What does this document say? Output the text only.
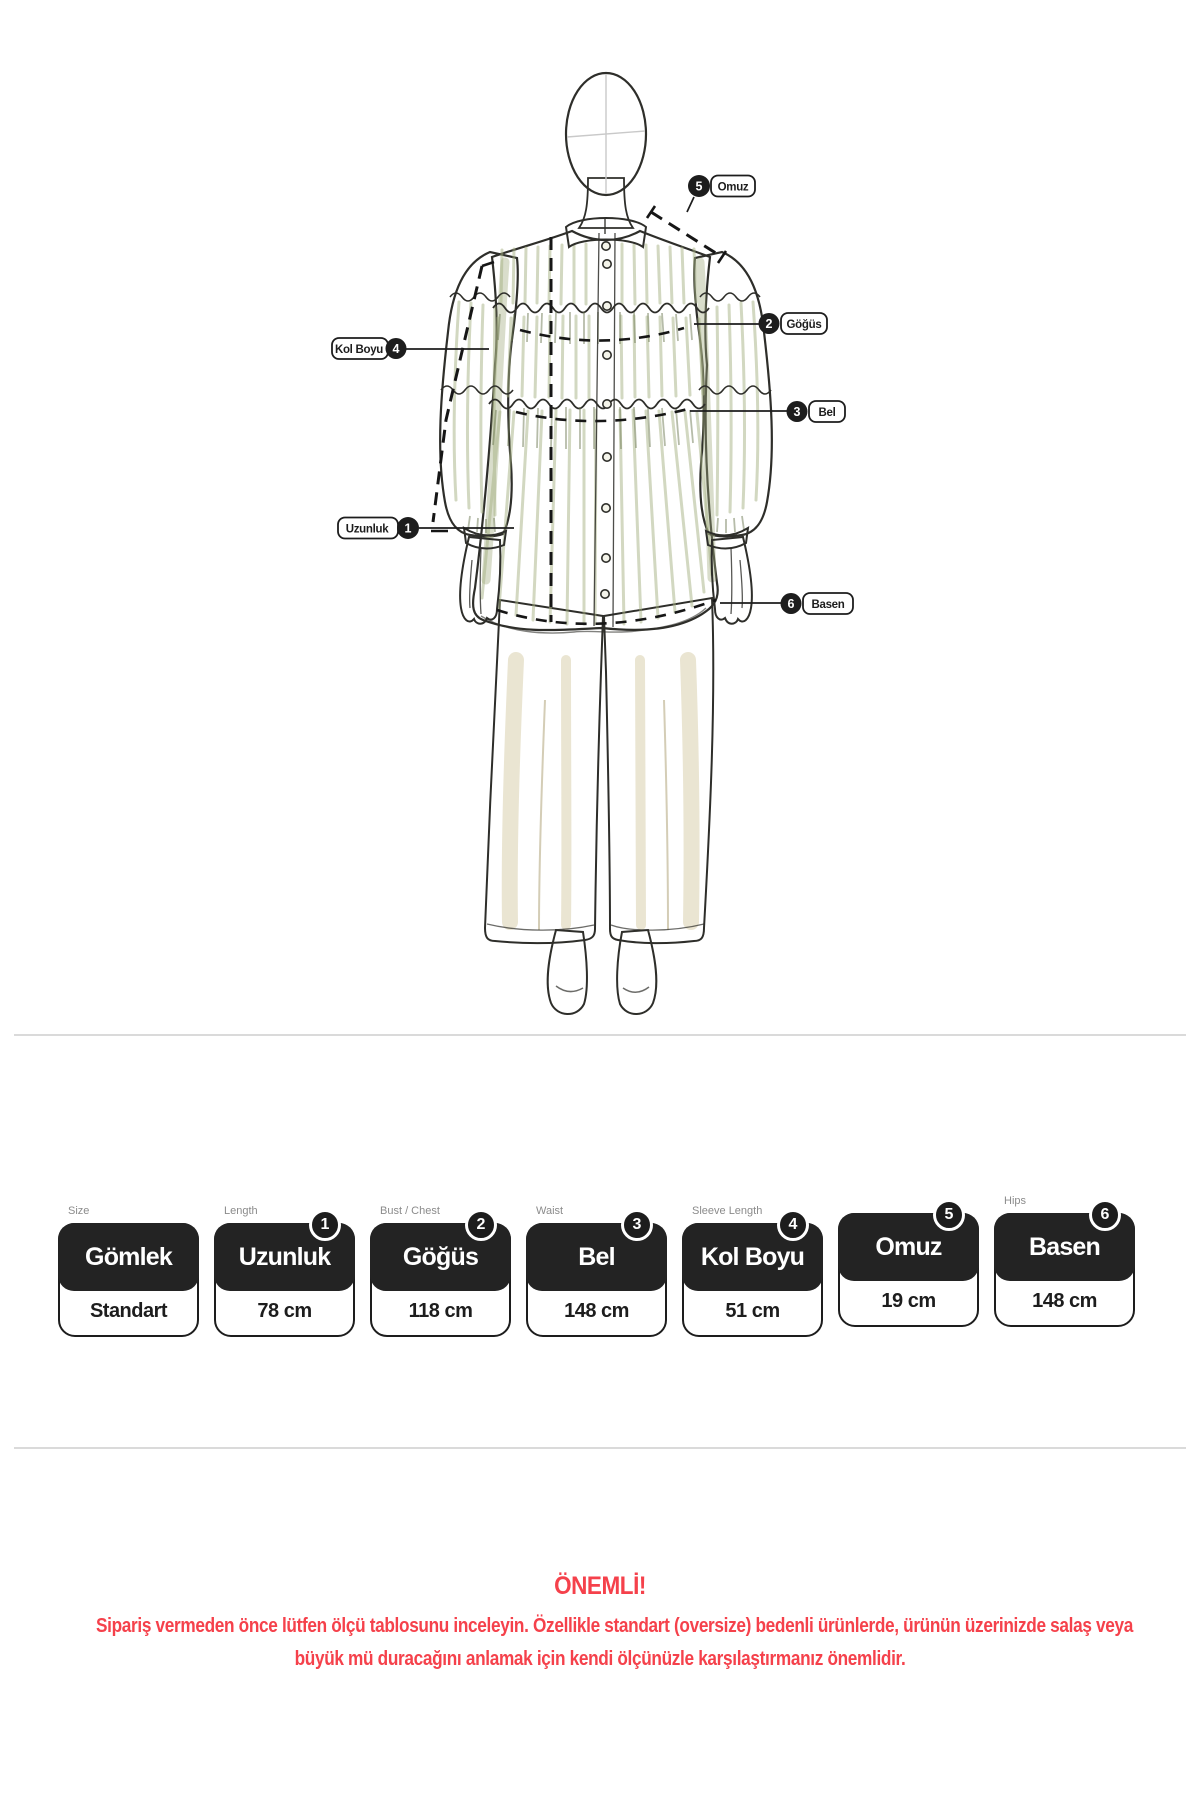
Uzunluk 1
Göğüs
2
Bel
3
Kol Boyu 4
Omuz
5
Basen
6
Size
Standart
Gömlek
Length
78 cm
Uzunluk
1
Bust / Chest
118 cm
Göğüs
2
Waist
148 cm
Bel
3
Sleeve Length
51 cm
Kol Boyu
4
19 cm
Omuz
5
Hips
148 cm
Basen
6
ÖNEMLİ!
Sipariş vermeden önce lütfen ölçü tablosunu inceleyin. Özellikle standart (oversize) bedenli ürünlerde, ürünün üzerinizde salaş veya
büyük mü duracağını anlamak için kendi ölçünüzle karşılaştırmanız önemlidir.
